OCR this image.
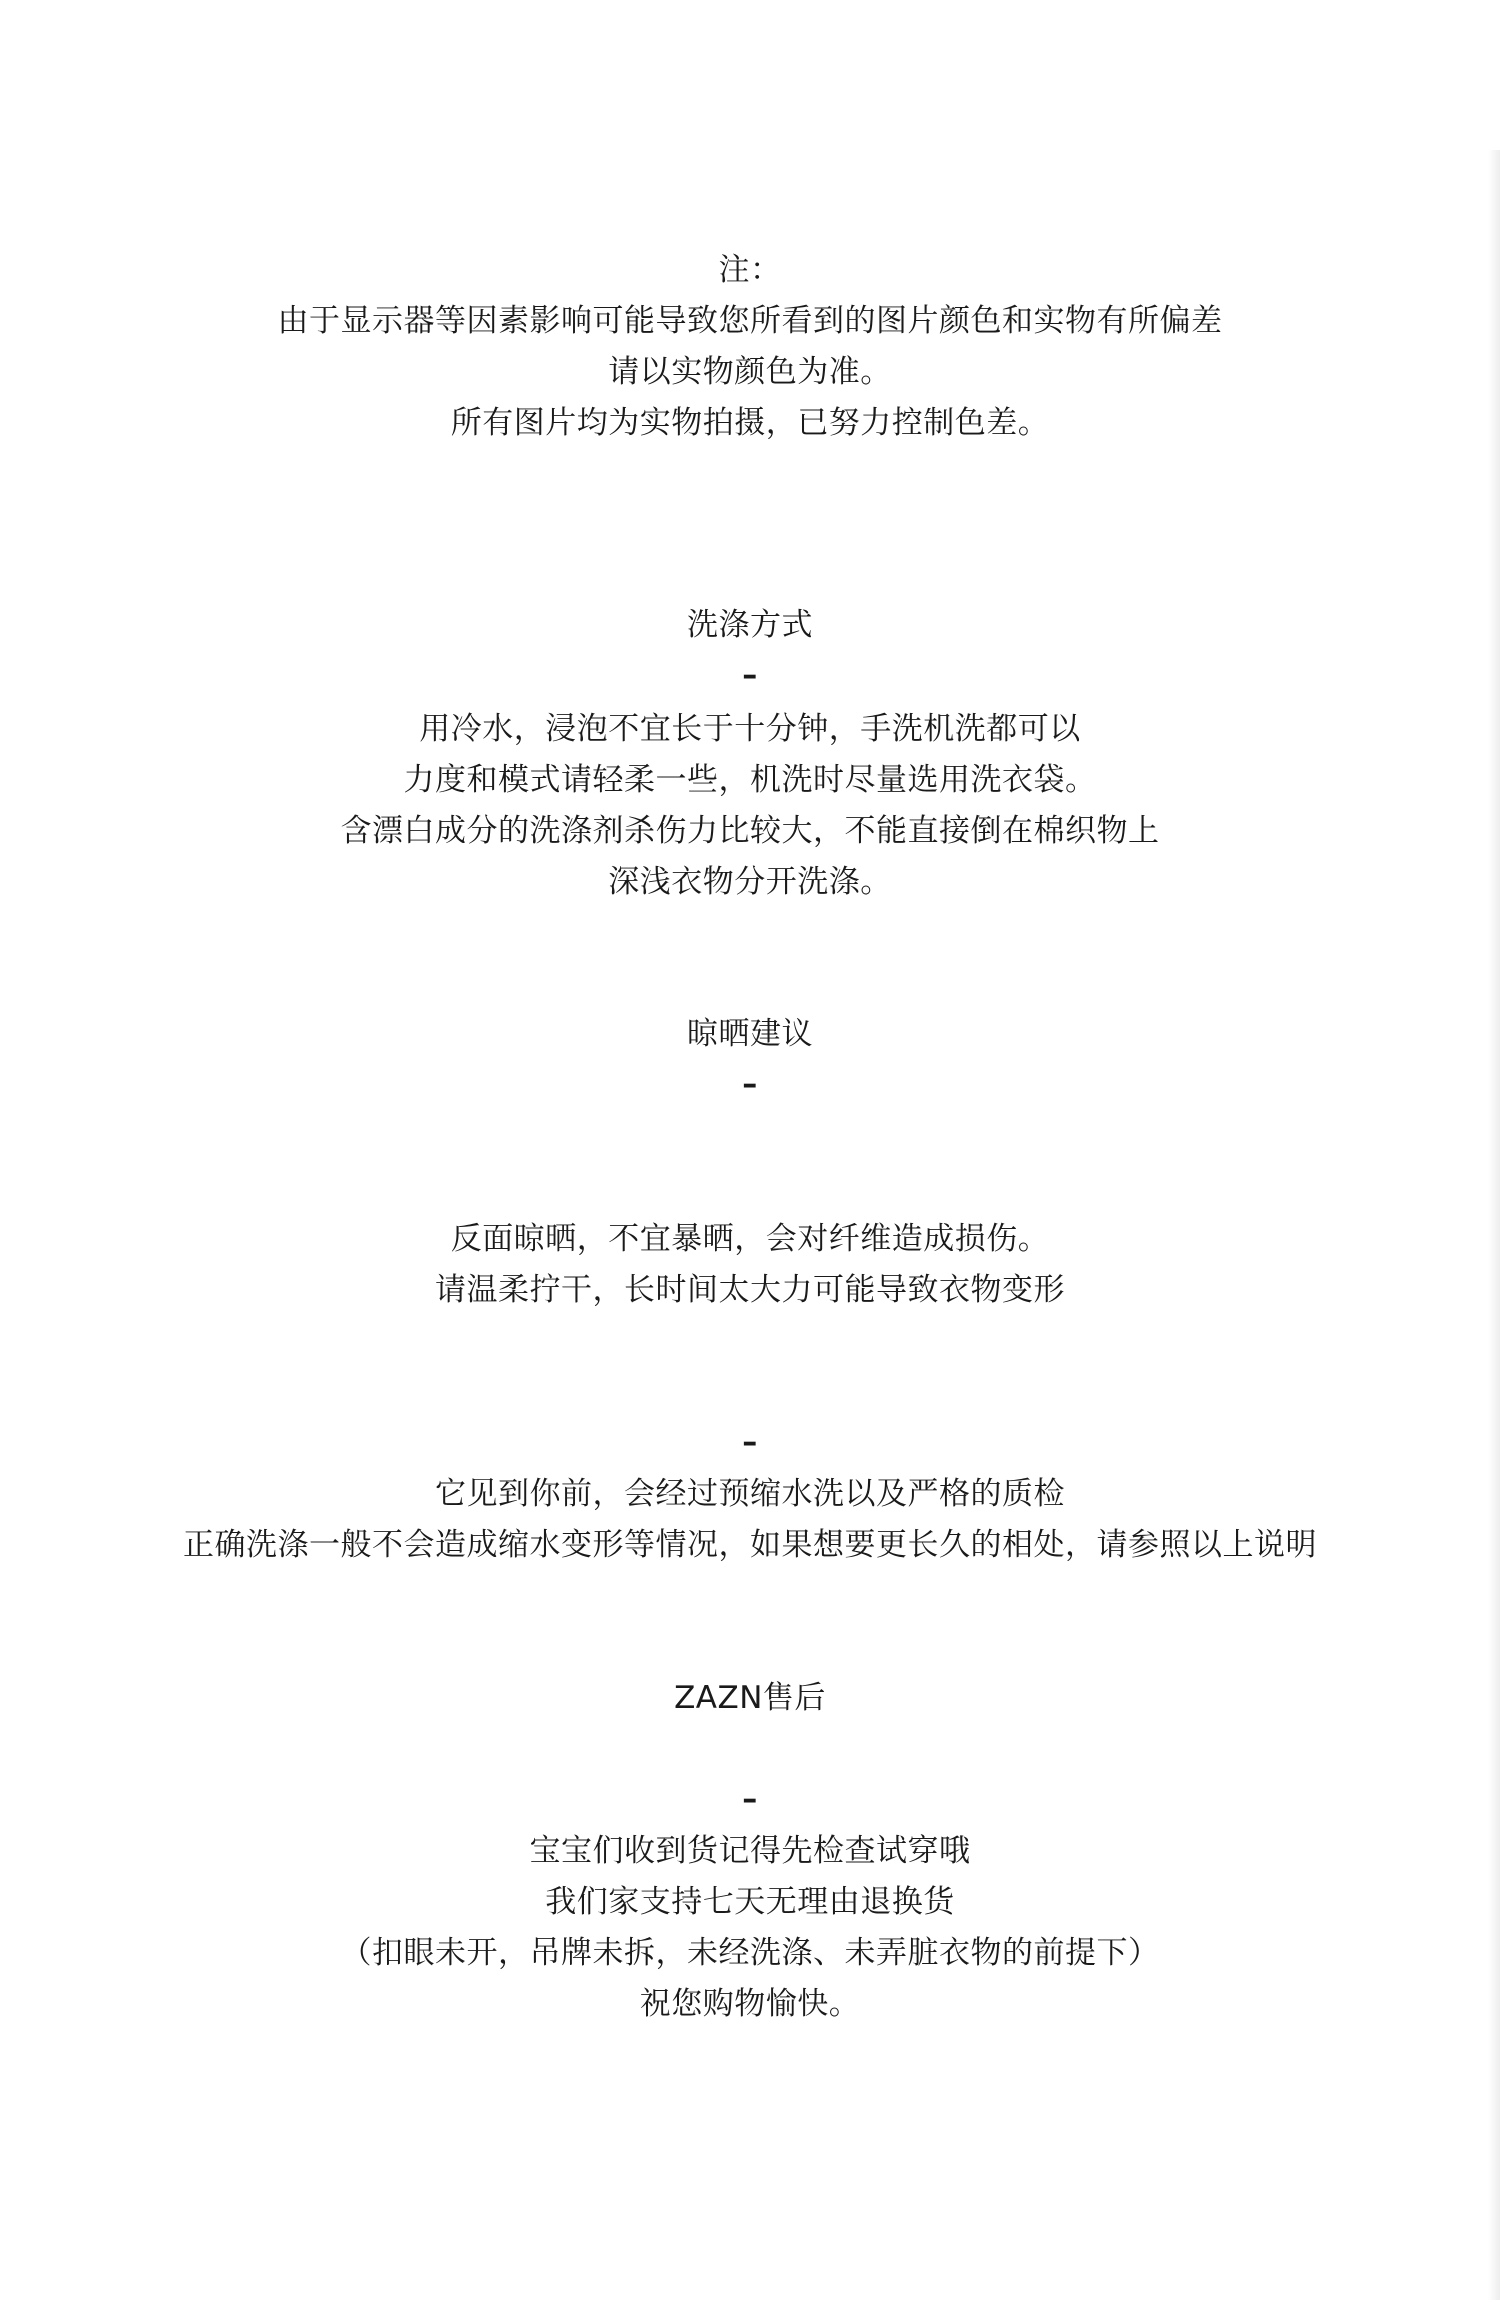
注：
由于显示器等因素影响可能导致您所看到的图片颜色和实物有所偏差
请以实物颜色为准。
所有图片均为实物拍摄，已努力控制色差。
洗涤方式
–
用冷水，浸泡不宜长于十分钟，手洗机洗都可以
力度和模式请轻柔一些，机洗时尽量选用洗衣袋。
含漂白成分的洗涤剂杀伤力比较大，不能直接倒在棉织物上
深浅衣物分开洗涤。
晾晒建议
–
反面晾晒，不宜暴晒，会对纤维造成损伤。
请温柔拧干，长时间太大力可能导致衣物变形
–
它见到你前，会经过预缩水洗以及严格的质检
正确洗涤一般不会造成缩水变形等情况，如果想要更长久的相处，请参照以上说明
ZAZN售后
–
宝宝们收到货记得先检查试穿哦
我们家支持七天无理由退换货
（扣眼未开，吊牌未拆，未经洗涤、未弄脏衣物的前提下）
祝您购物愉快。
